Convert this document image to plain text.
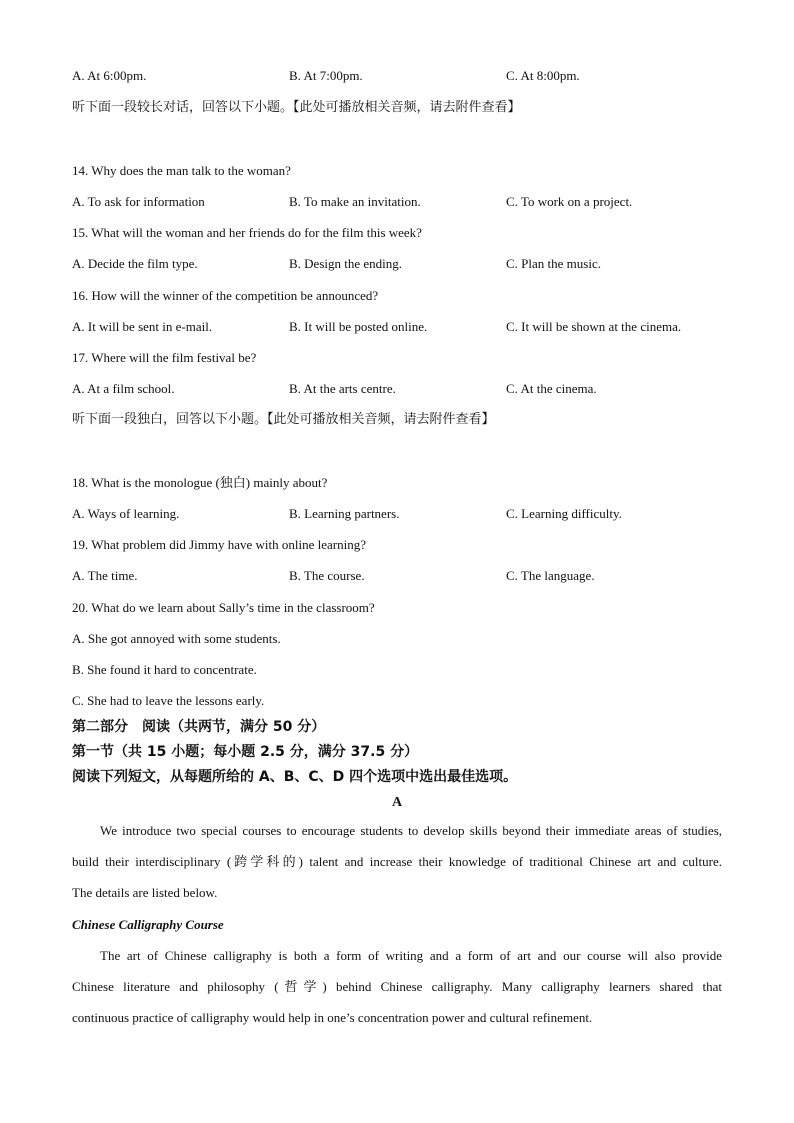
A. At 6:00pm.	B. At 7:00pm.	C. At 8:00pm.
听下面一段较长对话，回答以下小题。【此处可播放相关音频，请去附件查看】
14. Why does the man talk to the woman?
A. To ask for information	B. To make an invitation.	C. To work on a project.
15. What will the woman and her friends do for the film this week?
A. Decide the film type.	B. Design the ending.	C. Plan the music.
16. How will the winner of the competition be announced?
A. It will be sent in e-mail.	B. It will be posted online.	C. It will be shown at the cinema.
17. Where will the film festival be?
A. At a film school.	B. At the arts centre.	C. At the cinema.
听下面一段独白，回答以下小题。【此处可播放相关音频，请去附件查看】
18. What is the monologue (独白) mainly about?
A. Ways of learning.	B. Learning partners.	C. Learning difficulty.
19. What problem did Jimmy have with online learning?
A. The time.	B. The course.	C. The language.
20. What do we learn about Sally’s time in the classroom?
A. She got annoyed with some students.
B. She found it hard to concentrate.
C. She had to leave the lessons early.
第二部分　阅读（共两节，满分 50 分）
第一节（共 15 小题；每小题 2.5 分，满分 37.5 分）
阅读下列短文，从每题所给的 A、B、C、D 四个选项中选出最佳选项。
A
We introduce two special courses to encourage students to develop skills beyond their immediate areas of studies,
build their interdisciplinary (跨学科的) talent and increase their knowledge of traditional Chinese art and culture.
The details are listed below.
Chinese Calligraphy Course
The art of Chinese calligraphy is both a form of writing and a form of art and our course will also provide
Chinese literature and philosophy (哲学) behind Chinese calligraphy. Many calligraphy learners shared that
continuous practice of calligraphy would help in one’s concentration power and cultural refinement.
